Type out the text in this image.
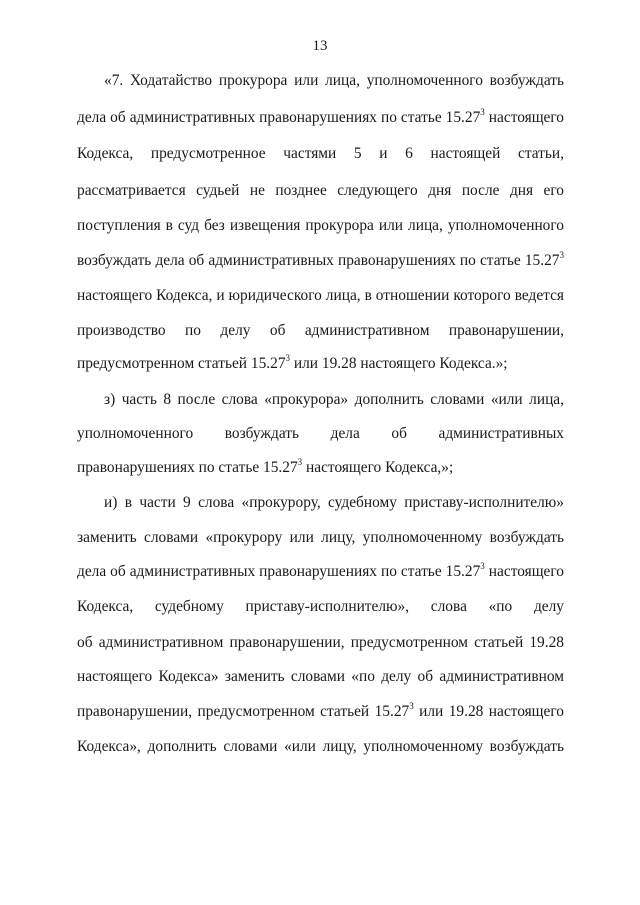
13
«7. Ходатайство прокурора или лица, уполномоченного возбуждать
дела об административных правонарушениях по статье 15.27$^3$ настоящего
Кодекса, предусмотренное частями 5 и 6 настоящей статьи,
рассматривается судьей не позднее следующего дня после дня его
поступления в суд без извещения прокурора или лица, уполномоченного
возбуждать дела об административных правонарушениях по статье 15.27$^3$
настоящего Кодекса, и юридического лица, в отношении которого ведется
производство по делу об административном правонарушении,
предусмотренном статьей 15.27$^3$ или 19.28 настоящего Кодекса.»;
з) часть 8 после слова «прокурора» дополнить словами «или лица,
уполномоченного возбуждать дела об административных
правонарушениях по статье 15.27$^3$ настоящего Кодекса,»;
и) в части 9 слова «прокурору, судебному приставу-исполнителю»
заменить словами «прокурору или лицу, уполномоченному возбуждать
дела об административных правонарушениях по статье 15.27$^3$ настоящего
Кодекса, судебному приставу-исполнителю», слова «по делу
об административном правонарушении, предусмотренном статьей 19.28
настоящего Кодекса» заменить словами «по делу об административном
правонарушении, предусмотренном статьей 15.27$^3$ или 19.28 настоящего
Кодекса», дополнить словами «или лицу, уполномоченному возбуждать
